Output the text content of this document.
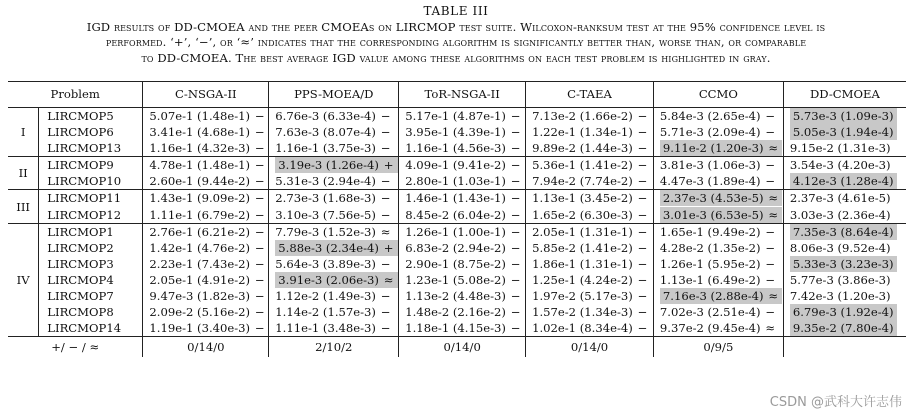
TABLE III
IGD results of DD-CMOEA and the peer CMOEAs on LIRCMOP test suite. Wilcoxon-ranksum test at the 95% confidence level is
performed. ‘+’, ‘−’, or ‘≈’ indicates that the corresponding algorithm is significantly better than, worse than, or comparable
to DD-CMOEA. The best average IGD value among these algorithms on each test problem is highlighted in gray.
Problem		C-NSGA-II	PPS-MOEA/D	ToR-NSGA-II	C-TAEA	CCMO	DD-CMOEA
I	LIRCMOP5	5.07e-1 (1.48e-1) −	6.76e-3 (6.33e-4) −	5.17e-1 (4.87e-1) −	7.13e-2 (1.66e-2) −	5.84e-3 (2.65e-4) −	5.73e-3 (1.09e-3)
	LIRCMOP6	3.41e-1 (4.68e-1) −	7.63e-3 (8.07e-4) −	3.95e-1 (4.39e-1) −	1.22e-1 (1.34e-1) −	5.71e-3 (2.09e-4) −	5.05e-3 (1.94e-4)
	LIRCMOP13	1.16e-1 (4.32e-3) −	1.16e-1 (3.75e-3) −	1.16e-1 (4.56e-3) −	9.89e-2 (1.44e-3) −	9.11e-2 (1.20e-3) ≈	9.15e-2 (1.31e-3)
II	LIRCMOP9	4.78e-1 (1.48e-1) −	3.19e-3 (1.26e-4) +	4.09e-1 (9.41e-2) −	5.36e-1 (1.41e-2) −	3.81e-3 (1.06e-3) −	3.54e-3 (4.20e-3)
	LIRCMOP10	2.60e-1 (9.44e-2) −	5.31e-3 (2.94e-4) −	2.80e-1 (1.03e-1) −	7.94e-2 (7.74e-2) −	4.47e-3 (1.89e-4) −	4.12e-3 (1.28e-4)
III	LIRCMOP11	1.43e-1 (9.09e-2) −	2.73e-3 (1.68e-3) −	1.46e-1 (1.43e-1) −	1.13e-1 (3.45e-2) −	2.37e-3 (4.53e-5) ≈	2.37e-3 (4.61e-5)
	LIRCMOP12	1.11e-1 (6.79e-2) −	3.10e-3 (7.56e-5) −	8.45e-2 (6.04e-2) −	1.65e-2 (6.30e-3) −	3.01e-3 (6.53e-5) ≈	3.03e-3 (2.36e-4)
IV	LIRCMOP1	2.76e-1 (6.21e-2) −	7.79e-3 (1.52e-3) ≈	1.26e-1 (1.00e-1) −	2.05e-1 (1.31e-1) −	1.65e-1 (9.49e-2) −	7.35e-3 (8.64e-4)
	LIRCMOP2	1.42e-1 (4.76e-2) −	5.88e-3 (2.34e-4) +	6.83e-2 (2.94e-2) −	5.85e-2 (1.41e-2) −	4.28e-2 (1.35e-2) −	8.06e-3 (9.52e-4)
	LIRCMOP3	2.23e-1 (7.43e-2) −	5.64e-3 (3.89e-3) −	2.90e-1 (8.75e-2) −	1.86e-1 (1.31e-1) −	1.26e-1 (5.95e-2) −	5.33e-3 (3.23e-3)
	LIRCMOP4	2.05e-1 (4.91e-2) −	3.91e-3 (2.06e-3) ≈	1.23e-1 (5.08e-2) −	1.25e-1 (4.24e-2) −	1.13e-1 (6.49e-2) −	5.77e-3 (3.86e-3)
	LIRCMOP7	9.47e-3 (1.82e-3) −	1.12e-2 (1.49e-3) −	1.13e-2 (4.48e-3) −	1.97e-2 (5.17e-3) −	7.16e-3 (2.88e-4) ≈	7.42e-3 (1.20e-3)
	LIRCMOP8	2.09e-2 (5.16e-2) −	1.14e-2 (1.57e-3) −	1.48e-2 (2.16e-2) −	1.57e-2 (1.34e-3) −	7.02e-3 (2.51e-4) −	6.79e-3 (1.92e-4)
	LIRCMOP14	1.19e-1 (3.40e-3) −	1.11e-1 (3.48e-3) −	1.18e-1 (4.15e-3) −	1.02e-1 (8.34e-4) −	9.37e-2 (9.45e-4) ≈	9.35e-2 (7.80e-4)
+/ − / ≈		0/14/0	2/10/2	0/14/0	0/14/0	0/9/5	
CSDN @武科大许志伟
